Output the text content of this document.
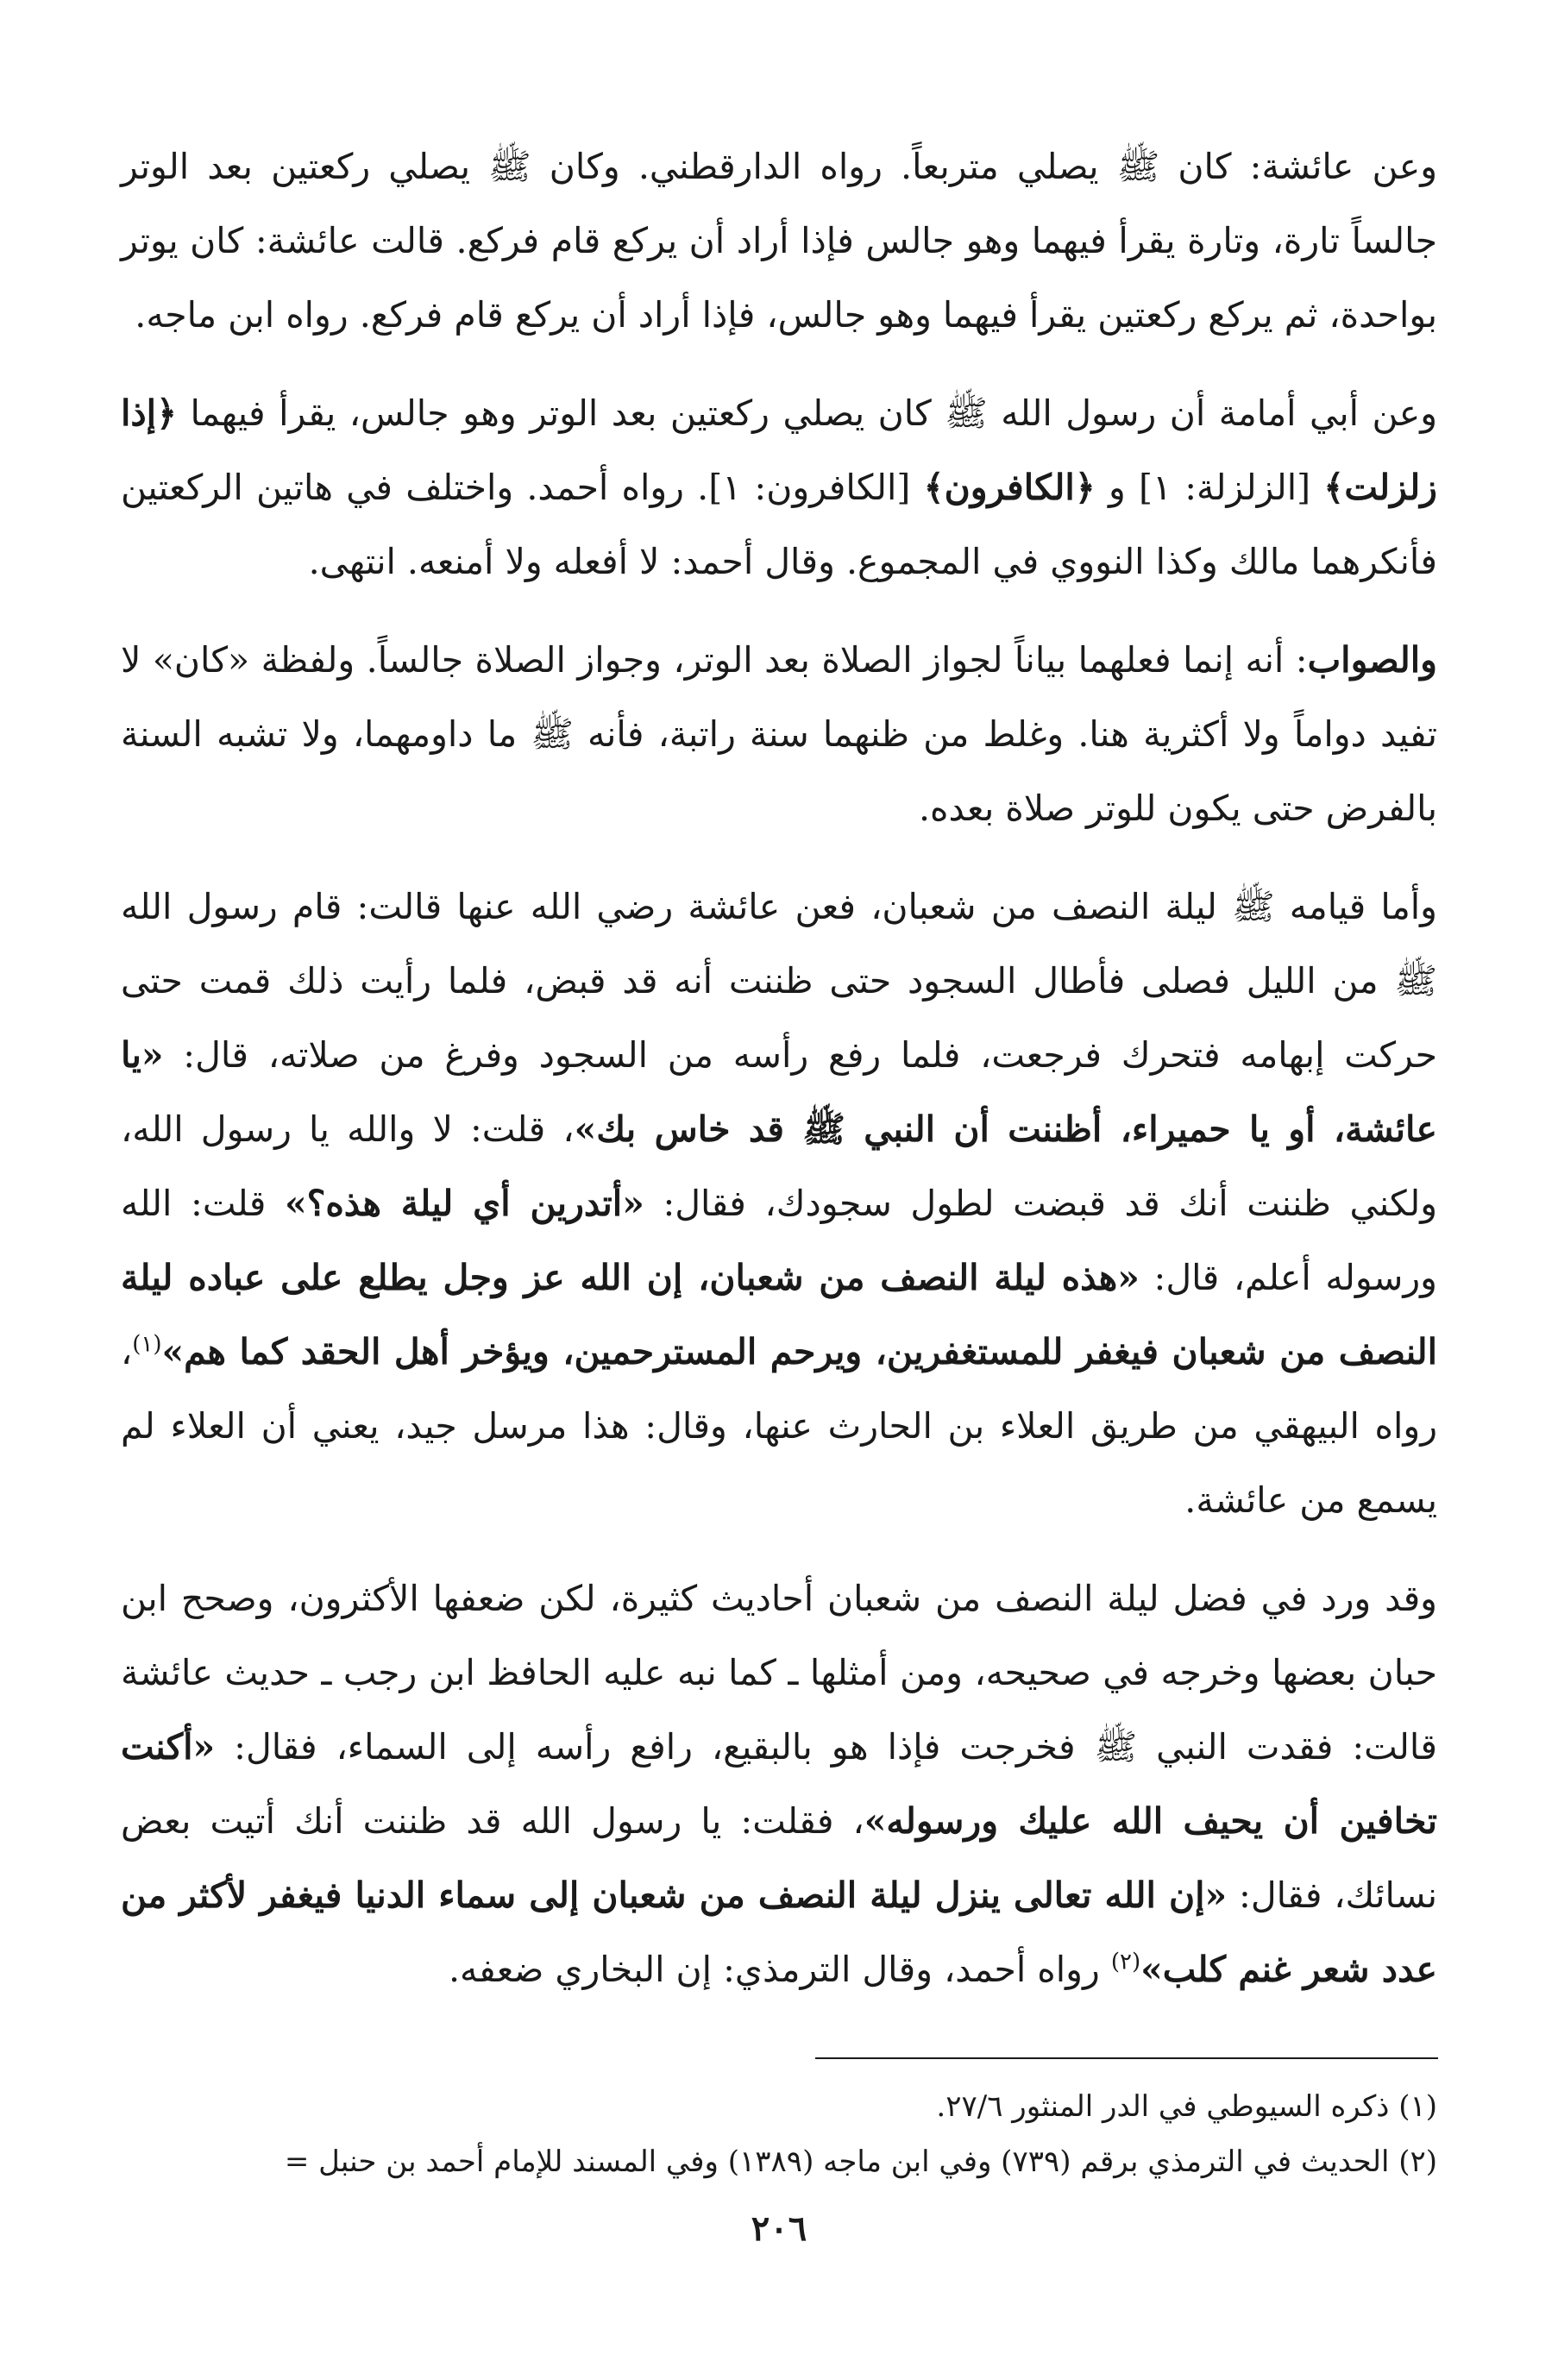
وعن عائشة: كان ﷺ يصلي متربعاً. رواه الدارقطني. وكان ﷺ يصلي ركعتين بعد الوتر جالساً تارة، وتارة يقرأ فيهما وهو جالس فإذا أراد أن يركع قام فركع. قالت عائشة: كان يوتر بواحدة، ثم يركع ركعتين يقرأ فيهما وهو جالس، فإذا أراد أن يركع قام فركع. رواه ابن ماجه.

وعن أبي أمامة أن رسول الله ﷺ كان يصلي ركعتين بعد الوتر وهو جالس، يقرأ فيهما ﴿إذا زلزلت﴾ [الزلزلة: ١] و ﴿الكافرون﴾ [الكافرون: ١]. رواه أحمد. واختلف في هاتين الركعتين فأنكرهما مالك وكذا النووي في المجموع. وقال أحمد: لا أفعله ولا أمنعه. انتهى.

والصواب: أنه إنما فعلهما بياناً لجواز الصلاة بعد الوتر، وجواز الصلاة جالساً. ولفظة «كان» لا تفيد دواماً ولا أكثرية هنا. وغلط من ظنهما سنة راتبة، فأنه ﷺ ما داومهما، ولا تشبه السنة بالفرض حتى يكون للوتر صلاة بعده.

وأما قيامه ﷺ ليلة النصف من شعبان، فعن عائشة رضي الله عنها قالت: قام رسول الله ﷺ من الليل فصلى فأطال السجود حتى ظننت أنه قد قبض، فلما رأيت ذلك قمت حتى حركت إبهامه فتحرك فرجعت، فلما رفع رأسه من السجود وفرغ من صلاته، قال: «يا عائشة، أو يا حميراء، أظننت أن النبي ﷺ قد خاس بك»، قلت: لا والله يا رسول الله، ولكني ظننت أنك قد قبضت لطول سجودك، فقال: «أتدرين أي ليلة هذه؟» قلت: الله ورسوله أعلم، قال: «هذه ليلة النصف من شعبان، إن الله عز وجل يطلع على عباده ليلة النصف من شعبان فيغفر للمستغفرين، ويرحم المسترحمين، ويؤخر أهل الحقد كما هم»$^{(١)}$، رواه البيهقي من طريق العلاء بن الحارث عنها، وقال: هذا مرسل جيد، يعني أن العلاء لم يسمع من عائشة.

وقد ورد في فضل ليلة النصف من شعبان أحاديث كثيرة، لكن ضعفها الأكثرون، وصحح ابن حبان بعضها وخرجه في صحيحه، ومن أمثلها ـ كما نبه عليه الحافظ ابن رجب ـ حديث عائشة قالت: فقدت النبي ﷺ فخرجت فإذا هو بالبقيع، رافع رأسه إلى السماء، فقال: «أكنت تخافين أن يحيف الله عليك ورسوله»، فقلت: يا رسول الله قد ظننت أنك أتيت بعض نسائك، فقال: «إن الله تعالى ينزل ليلة النصف من شعبان إلى سماء الدنيا فيغفر لأكثر من عدد شعر غنم كلب»$^{(٢)}$ رواه أحمد، وقال الترمذي: إن البخاري ضعفه.

(١) ذكره السيوطي في الدر المنثور ٢٧/٦.

(٢) الحديث في الترمذي برقم (٧٣٩) وفي ابن ماجه (١٣٨٩) وفي المسند للإمام أحمد بن حنبل =

٢٠٦
